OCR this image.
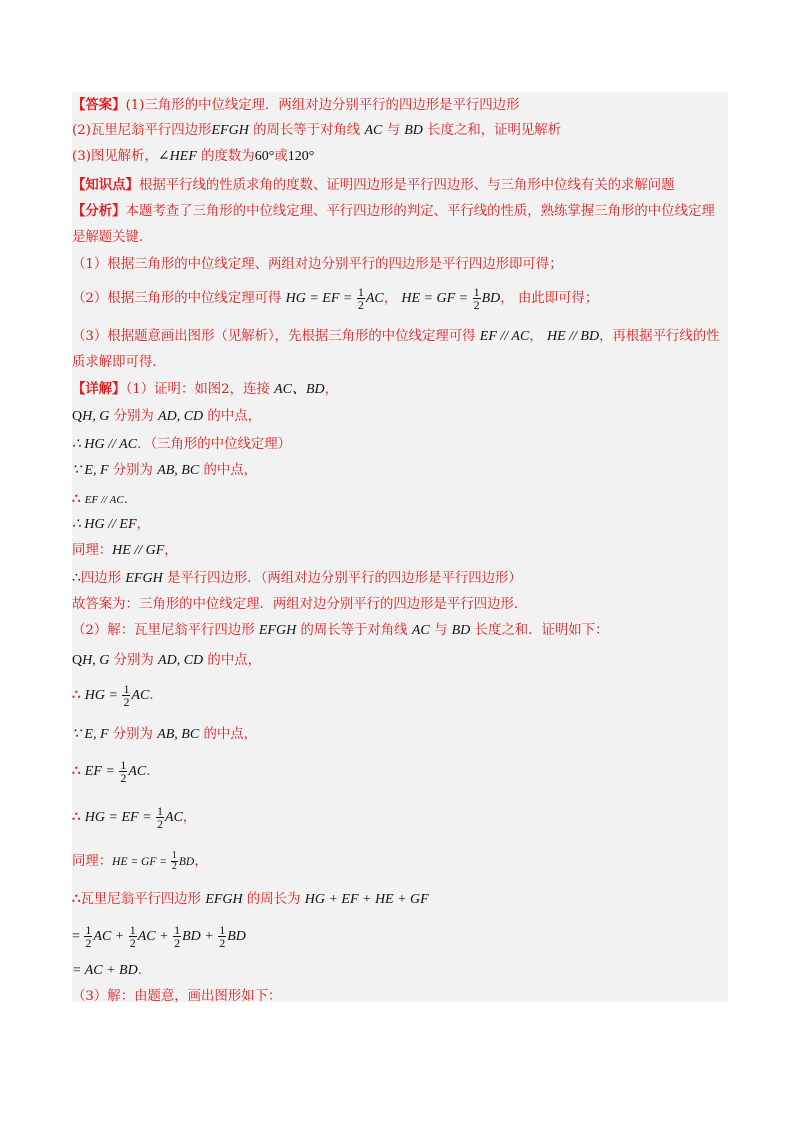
【答案】(1)三角形的中位线定理．两组对边分别平行的四边形是平行四边形
(2)瓦里尼翁平行四边形EFGH 的周长等于对角线 AC 与 BD 长度之和，证明见解析
(3)图见解析，∠HEF 的度数为60°或120°
【知识点】根据平行线的性质求角的度数、证明四边形是平行四边形、与三角形中位线有关的求解问题
【分析】本题考查了三角形的中位线定理、平行四边形的判定、平行线的性质，熟练掌握三角形的中位线定理是解题关键．
（1）根据三角形的中位线定理、两组对边分别平行的四边形是平行四边形即可得；
（2）根据三角形的中位线定理可得 HG = EF = $\frac{1}{2}$ AC， HE = GF = $\frac{1}{2}$ BD， 由此即可得；
（3）根据题意画出图形（见解析），先根据三角形的中位线定理可得 EF // AC， HE // BD，再根据平行线的性质求解即可得．
【详解】（1）证明：如图2，连接 AC、BD，
QH, G 分别为 AD, CD 的中点，
∴ HG // AC．（三角形的中位线定理）
∵ E, F 分别为 AB, BC 的中点，
∴ EF // AC．
∴ HG // EF，
同理：HE // GF，
∴四边形 EFGH 是平行四边形．（两组对边分别平行的四边形是平行四边形）
故答案为：三角形的中位线定理．两组对边分别平行的四边形是平行四边形．
（2）解：瓦里尼翁平行四边形 EFGH 的周长等于对角线 AC 与 BD 长度之和．证明如下：
QH, G 分别为 AD, CD 的中点，
∴ HG = $\frac{1}{2}$ AC．
∵ E, F 分别为 AB, BC 的中点，
∴ EF = $\frac{1}{2}$ AC．
∴ HG = EF = $\frac{1}{2}$ AC，
同理：HE = GF = $\frac{1}{2}$ BD，
∴瓦里尼翁平行四边形 EFGH 的周长为 HG + EF + HE + GF
= $\frac{1}{2}$ AC + $\frac{1}{2}$ AC + $\frac{1}{2}$ BD + $\frac{1}{2}$ BD
= AC + BD．
（3）解：由题意，画出图形如下：
